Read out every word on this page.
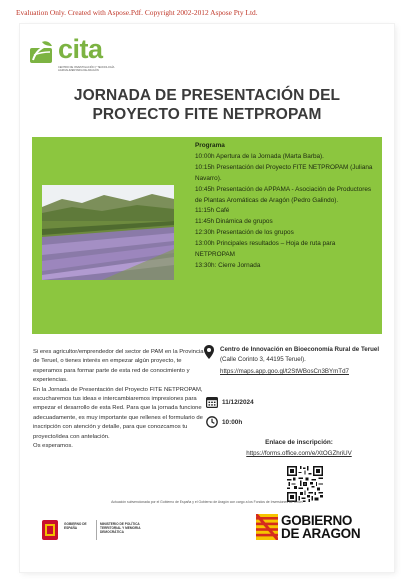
Evaluation Only. Created with Aspose.Pdf. Copyright 2002-2012 Aspose Pty Ltd.
cita
CENTRO DE INVESTIGACIÓN Y TECNOLOGÍA AGROALIMENTARIA DE ARAGÓN
JORNADA DE PRESENTACIÓN DEL
PROYECTO FITE NETPROPAM
Programa
10:00h Apertura de la Jornada (Marta Barba).
10:15h Presentación del Proyecto FITE NETPROPAM (Juliana Navarro).
10:45h Presentación de APPAMA - Asociación de Productores de Plantas Aromáticas de Aragón (Pedro Galindo).
11:15h Café
11:45h Dinámica de grupos
12:30h Presentación de los grupos
13:00h Principales resultados – Hoja de ruta para NETPROPAM
13:30h: Cierre Jornada

Si eres agricultor/emprendedor del sector de PAM en la Provincia de Teruel, o tienes interés en empezar algún proyecto, te esperamos para formar parte de esta red de conocimiento y experiencias.

En la Jornada de Presentación del Proyecto FITE NETPROPAM, escucharemos tus ideas e intercambiaremos impresiones para empezar el desarrollo de esta Red. Para que la jornada funcione adecuadamente, es muy importante que rellenes el formulario de inscripción con atención y detalle, para que conozcamos tu proyecto/idea con antelación.

Os esperamos.

Centro de Innovación en Bioeconomía Rural de Teruel (Calle Corinto 3, 44195 Teruel).
https://maps.app.goo.gl/t2StWBosCn3BYmTd7
11/12/2024
10:00h
Enlace de inscripción:
https://forms.office.com/e/XtOGZhriUV
Actuación subvencionada por el Gobierno de España y el Gobierno de Aragón con cargo a los Fondos de Inversiones de Teruel
GOBIERNO DE ESPAÑA
MINISTERIO DE POLÍTICA TERRITORIAL Y MEMORIA DEMOCRÁTICA
GOBIERNO
DE ARAGON
